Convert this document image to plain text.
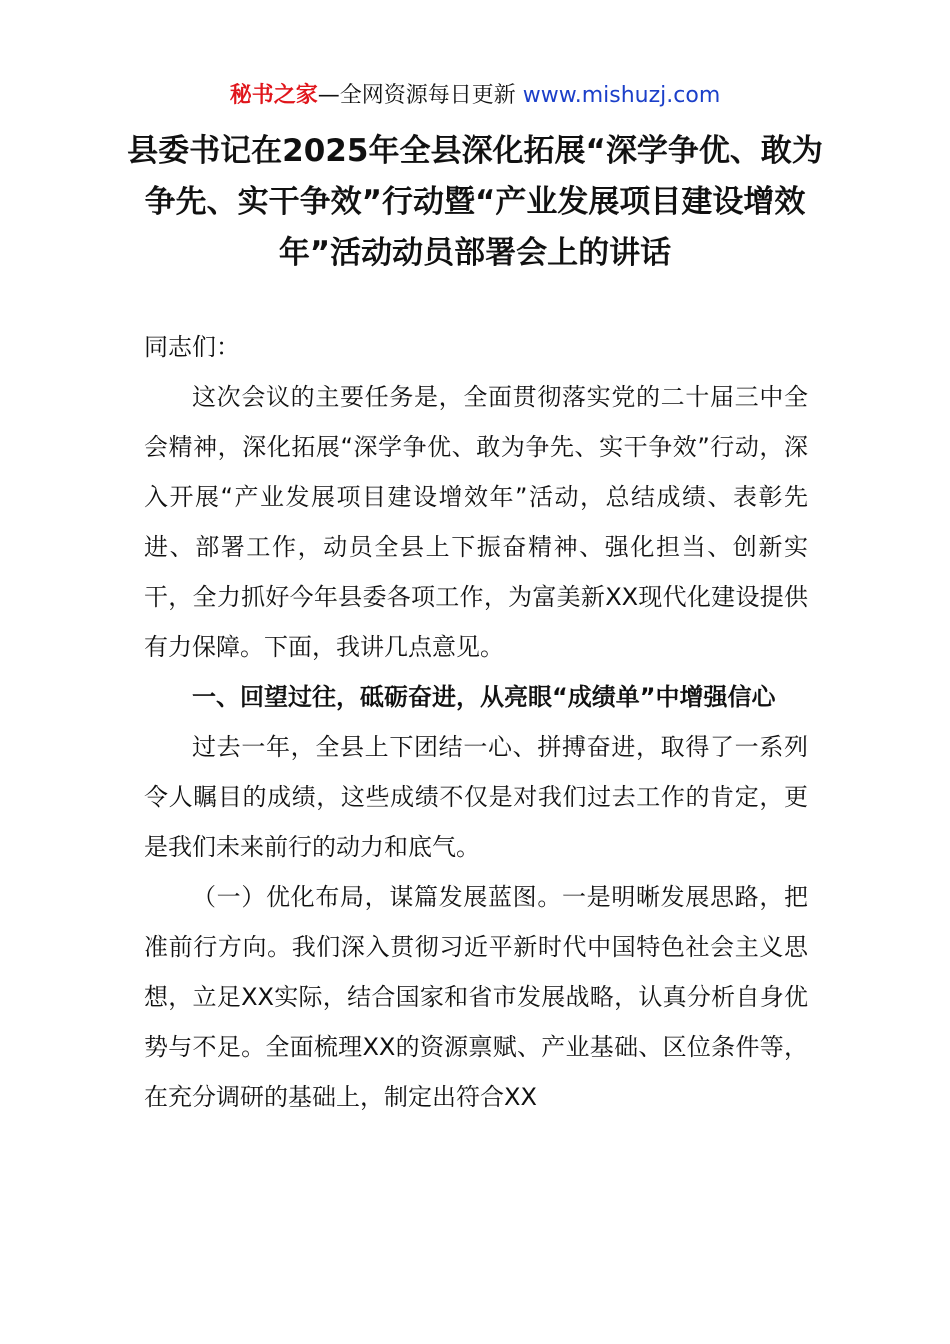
秘书之家—全网资源每日更新 www.mishuzj.com
县委书记在2025年全县深化拓展“深学争优、敢为争先、实干争效”行动暨“产业发展项目建设增效年”活动动员部署会上的讲话

同志们：

这次会议的主要任务是，全面贯彻落实党的二十届三中全会精神，深化拓展“深学争优、敢为争先、实干争效”行动，深入开展“产业发展项目建设增效年”活动，总结成绩、表彰先进、部署工作，动员全县上下振奋精神、强化担当、创新实干，全力抓好今年县委各项工作，为富美新XX现代化建设提供有力保障。下面，我讲几点意见。

一、回望过往，砥砺奋进，从亮眼“成绩单”中增强信心

过去一年，全县上下团结一心、拼搏奋进，取得了一系列令人瞩目的成绩，这些成绩不仅是对我们过去工作的肯定，更是我们未来前行的动力和底气。

（一）优化布局，谋篇发展蓝图。一是明晰发展思路，把准前行方向。我们深入贯彻习近平新时代中国特色社会主义思想，立足XX实际，结合国家和省市发展战略，认真分析自身优势与不足。全面梳理XX的资源禀赋、产业基础、区位条件等，在充分调研的基础上，制定出符合XX
